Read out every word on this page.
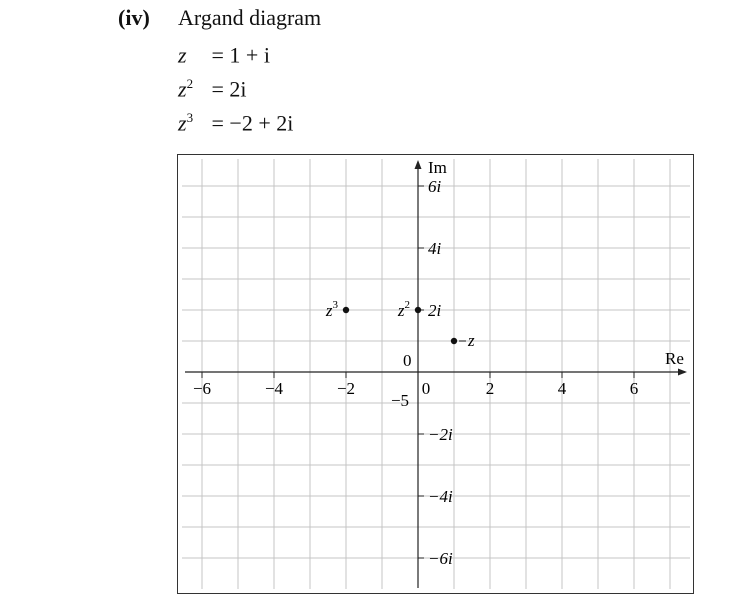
(iv) Argand diagram
z = 1 + i
$z^2 = 2i$
$z^3 = -2 + 2i$
Re
Im
−6	−4	−2	0	2	4	6
6i
4i
2i
−2i
−4i
−6i
0
−5
z
$z^2$
$z^3$
